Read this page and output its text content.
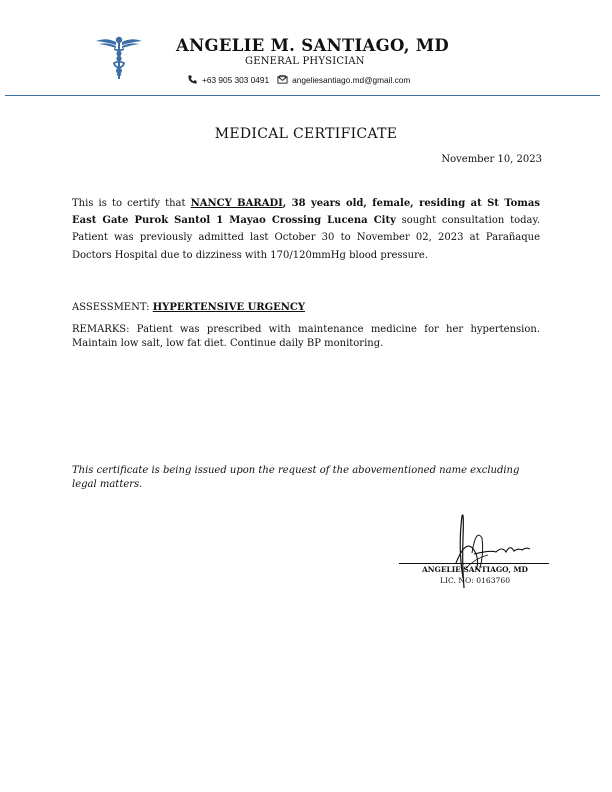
ANGELIE M. SANTIAGO, MD
GENERAL PHYSICIAN
+63 905 303 0491	angeliesantiago.md@gmail.com
MEDICAL CERTIFICATE
November 10, 2023
This is to certify that NANCY BARADI, 38 years old, female, residing at St Tomas East Gate Purok Santol 1 Mayao Crossing Lucena City sought consultation today. Patient was previously admitted last October 30 to November 02, 2023 at Parañaque Doctors Hospital due to dizziness with 170/120mmHg blood pressure.
ASSESSMENT: HYPERTENSIVE URGENCY
REMARKS: Patient was prescribed with maintenance medicine for her hypertension. Maintain low salt, low fat diet. Continue daily BP monitoring.
This certificate is being issued upon the request of the abovementioned name excluding legal matters.
ANGELIE SANTIAGO, MD
LIC. NO: 0163760
